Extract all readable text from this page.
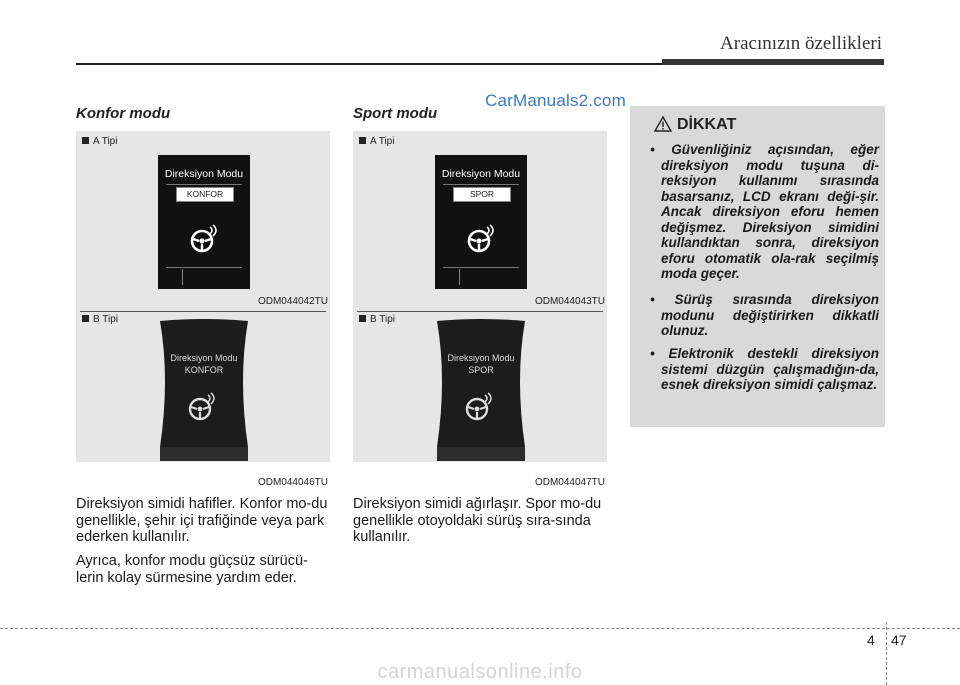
Aracınızın özellikleri
CarManuals2.com
Konfor modu
A Tipi
Direksiyon Modu
KONFOR
ODM044042TU
B Tipi
Direksiyon Modu
KONFOR
ODM044046TU
Direksiyon simidi hafifler. Konfor mo-du genellikle, şehir içi trafiğinde veya park ederken kullanılır.
Ayrıca, konfor modu güçsüz sürücü-lerin kolay sürmesine yardım eder.
Sport modu
A Tipi
Direksiyon Modu
SPOR
ODM044043TU
B Tipi
Direksiyon Modu
SPOR
ODM044047TU
Direksiyon simidi ağırlaşır. Spor mo-du genellikle otoyoldaki sürüş sıra-sında kullanılır.
DİKKAT
• Güvenliğiniz açısından, eğer direksiyon modu tuşuna di-reksiyon kullanımı sırasında basarsanız, LCD ekranı deği-şir. Ancak direksiyon eforu hemen değişmez. Direksiyon simidini kullandıktan sonra, direksiyon eforu otomatik ola-rak seçilmiş moda geçer.
• Sürüş sırasında direksiyon modunu değiştirirken dikkatli olunuz.
• Elektronik destekli direksiyon sistemi düzgün çalışmadığın-da, esnek direksiyon simidi çalışmaz.
4 47
carmanualsonline.info
